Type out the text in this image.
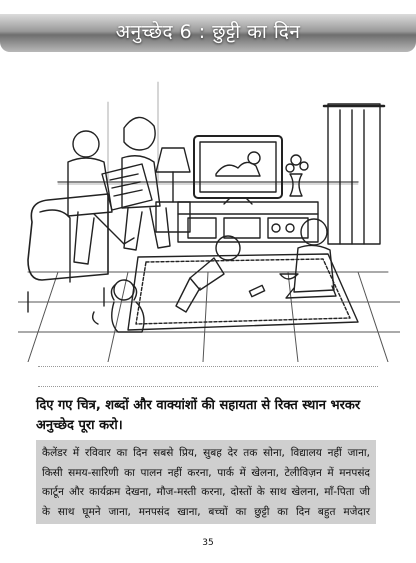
अनुच्छेद 6 : छुट्टी का दिन
दिए गए चित्र, शब्दों और वाक्यांशों की सहायता से रिक्त स्थान भरकर अनुच्छेद पूरा करो।

कैलेंडर में रविवार का दिन सबसे प्रिय, सुबह देर तक सोना, विद्यालय नहीं जाना,

किसी समय-सारिणी का पालन नहीं करना, पार्क में खेलना, टेलीविज़न में मनपसंद

कार्टून और कार्यक्रम देखना, मौज-मस्ती करना, दोस्तों के साथ खेलना, माँ-पिता जी

के साथ घूमने जाना, मनपसंद खाना, बच्चों का छुट्टी का दिन बहुत मजेदार

35
